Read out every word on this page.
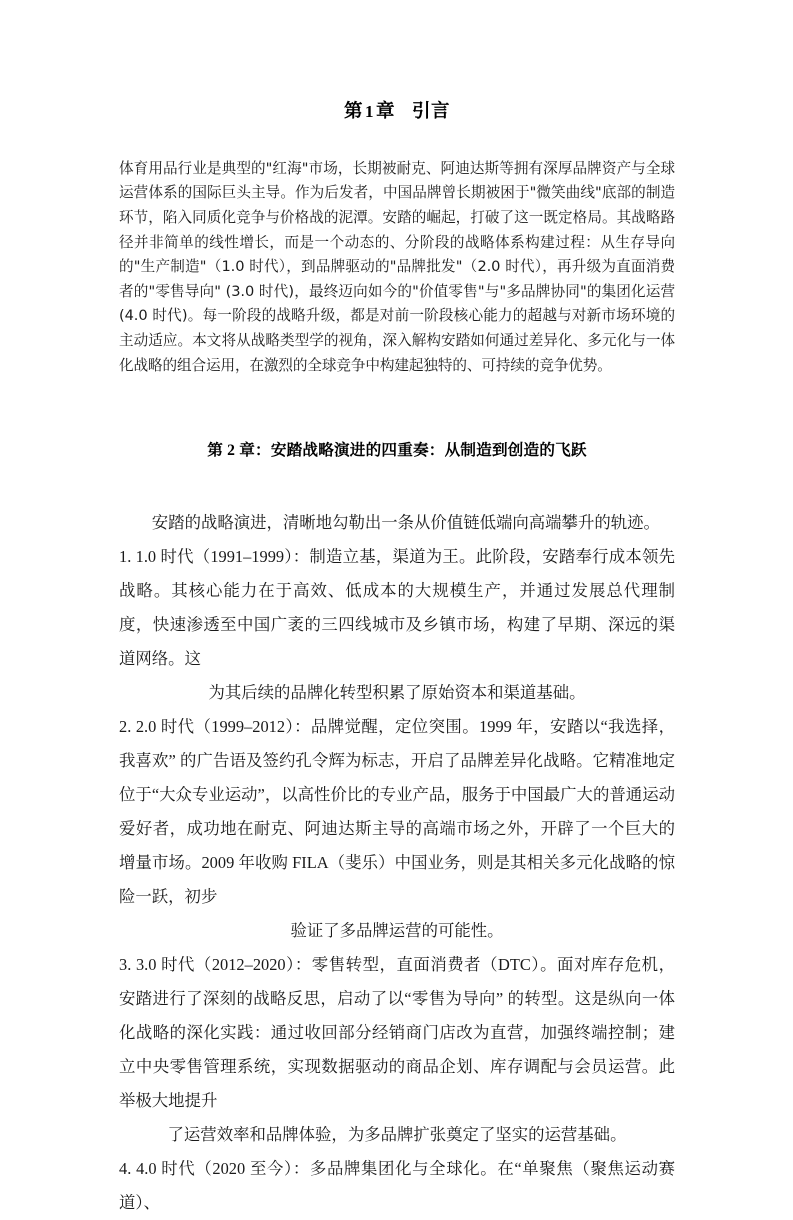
第 1 章 引言

体育用品行业是典型的"红海"市场，长期被耐克、阿迪达斯等拥有深厚品牌资产与全球运营体系的国际巨头主导。作为后发者，中国品牌曾长期被困于"微笑曲线"底部的制造环节，陷入同质化竞争与价格战的泥潭。安踏的崛起，打破了这一既定格局。其战略路径并非简单的线性增长，而是一个动态的、分阶段的战略体系构建过程：从生存导向的"生产制造"（1.0 时代），到品牌驱动的"品牌批发"（2.0 时代），再升级为直面消费者的"零售导向" (3.0 时代)，最终迈向如今的"价值零售"与"多品牌协同"的集团化运营 (4.0 时代)。每一阶段的战略升级，都是对前一阶段核心能力的超越与对新市场环境的主动适应。本文将从战略类型学的视角，深入解构安踏如何通过差异化、多元化与一体化战略的组合运用，在激烈的全球竞争中构建起独特的、可持续的竞争优势。

第 2 章：安踏战略演进的四重奏：从制造到创造的飞跃

安踏的战略演进，清晰地勾勒出一条从价值链低端向高端攀升的轨迹。

1.0 时代（1991–1999）：制造立基，渠道为王。此阶段，安踏奉行成本领先战略。其核心能力在于高效、低成本的大规模生产，并通过发展总代理制度，快速渗透至中国广袤的三四线城市及乡镇市场，构建了早期、深远的渠道网络。这
为其后续的品牌化转型积累了原始资本和渠道基础。
2.0 时代（1999–2012）：品牌觉醒，定位突围。1999 年，安踏以“我选择，我喜欢” 的广告语及签约孔令辉为标志，开启了品牌差异化战略。它精准地定位于“大众专业运动”，以高性价比的专业产品，服务于中国最广大的普通运动爱好者，成功地在耐克、阿迪达斯主导的高端市场之外，开辟了一个巨大的增量市场。2009 年收购 FILA（斐乐）中国业务，则是其相关多元化战略的惊险一跃，初步
验证了多品牌运营的可能性。
3.0 时代（2012–2020）：零售转型，直面消费者（DTC）。面对库存危机，安踏进行了深刻的战略反思，启动了以“零售为导向” 的转型。这是纵向一体化战略的深化实践：通过收回部分经销商门店改为直营，加强终端控制；建立中央零售管理系统，实现数据驱动的商品企划、库存调配与会员运营。此举极大地提升
了运营效率和品牌体验，为多品牌扩张奠定了坚实的运营基础。
4.0 时代（2020 至今）：多品牌集团化与全球化。在“单聚焦（聚焦运动赛道）、
